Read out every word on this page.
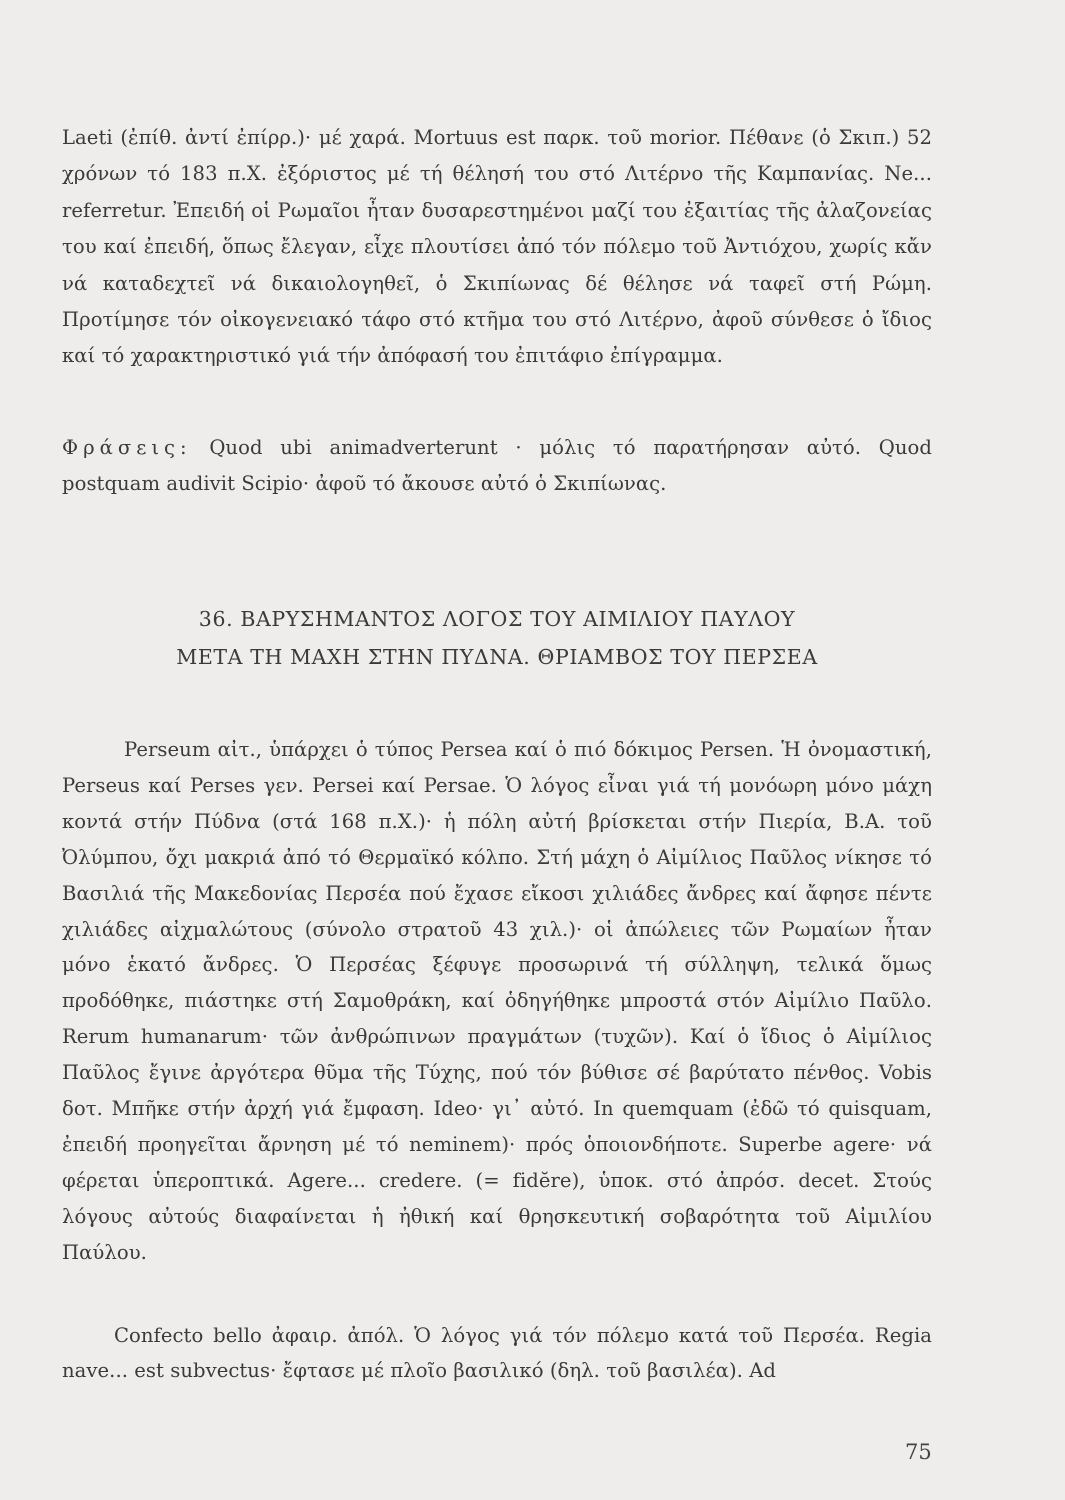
Laeti (ἐπίθ. ἀντί ἐπίρρ.)· μέ χαρά. Mortuus est παρκ. τοῦ morior. Πέθανε (ὁ Σκιπ.) 52 χρόνων τό 183 π.Χ. ἐξόριστος μέ τή θέλησή του στό Λιτέρνο τῆς Καμπανίας. Ne... referretur. Ἐπειδή οἱ Ρωμαῖοι ἦταν δυσαρεστημένοι μαζί του ἐξαιτίας τῆς ἀλαζονείας του καί ἐπειδή, ὅπως ἔλεγαν, εἶχε πλουτίσει ἀπό τόν πόλεμο τοῦ Ἀντιόχου, χωρίς κἄν νά καταδεχτεῖ νά δικαιολογηθεῖ, ὁ Σκιπίωνας δέ θέλησε νά ταφεῖ στή Ρώμη. Προτίμησε τόν οἰκογενειακό τάφο στό κτῆμα του στό Λιτέρνο, ἀφοῦ σύνθεσε ὁ ἴδιος καί τό χαρακτηριστικό γιά τήν ἀπόφασή του ἐπιτάφιο ἐπίγραμμα.
Φράσεις: Quod ubi animadverterunt · μόλις τό παρατήρησαν αὐτό. Quod postquam audivit Scipio· ἀφοῦ τό ἄκουσε αὐτό ὁ Σκιπίωνας.
36. ΒΑΡΥΣΗΜΑΝΤΟΣ ΛΟΓΟΣ ΤΟΥ ΑΙΜΙΛΙΟΥ ΠΑΥΛΟΥ
ΜΕΤΑ ΤΗ ΜΑΧΗ ΣΤΗΝ ΠΥΔΝΑ. ΘΡΙΑΜΒΟΣ ΤΟΥ ΠΕΡΣΕΑ
Perseum αἰτ., ὑπάρχει ὁ τύπος Persea καί ὁ πιό δόκιμος Persen. Ἡ ὀνομαστική, Perseus καί Perses γεν. Persei καί Persae. Ὁ λόγος εἶναι γιά τή μονόωρη μόνο μάχη κοντά στήν Πύδνα (στά 168 π.Χ.)· ἡ πόλη αὐτή βρίσκεται στήν Πιερία, Β.Α. τοῦ Ὀλύμπου, ὄχι μακριά ἀπό τό Θερμαϊκό κόλπο. Στή μάχη ὁ Αἰμίλιος Παῦλος νίκησε τό Βασιλιά τῆς Μακεδονίας Περσέα πού ἔχασε εἴκοσι χιλιάδες ἄνδρες καί ἄφησε πέντε χιλιάδες αἰχμαλώτους (σύνολο στρατοῦ 43 χιλ.)· οἱ ἀπώλειες τῶν Ρωμαίων ἦταν μόνο ἑκατό ἄνδρες. Ὁ Περσέας ξέφυγε προσωρινά τή σύλληψη, τελικά ὅμως προδόθηκε, πιάστηκε στή Σαμοθράκη, καί ὁδηγήθηκε μπροστά στόν Αἰμίλιο Παῦλο. Rerum humanarum· τῶν ἀνθρώπινων πραγμάτων (τυχῶν). Καί ὁ ἴδιος ὁ Αἰμίλιος Παῦλος ἔγινε ἀργότερα θῦμα τῆς Τύχης, πού τόν βύθισε σέ βαρύτατο πένθος. Vobis δοτ. Μπῆκε στήν ἀρχή γιά ἔμφαση. Ideo· γι᾿ αὐτό. In quemquam (ἐδῶ τό quisquam, ἐπειδή προηγεῖται ἄρνηση μέ τό neminem)· πρός ὁποιονδήποτε. Superbe agere· νά φέρεται ὑπεροπτικά. Agere... credere. (= fidĕre), ὑποκ. στό ἀπρόσ. decet. Στούς λόγους αὐτούς διαφαίνεται ἡ ἠθική καί θρησκευτική σοβαρότητα τοῦ Αἰμιλίου Παύλου.
Confecto bello ἀφαιρ. ἀπόλ. Ὁ λόγος γιά τόν πόλεμο κατά τοῦ Περσέα. Regia nave... est subvectus· ἔφτασε μέ πλοῖο βασιλικό (δηλ. τοῦ βασιλέα). Ad
75
